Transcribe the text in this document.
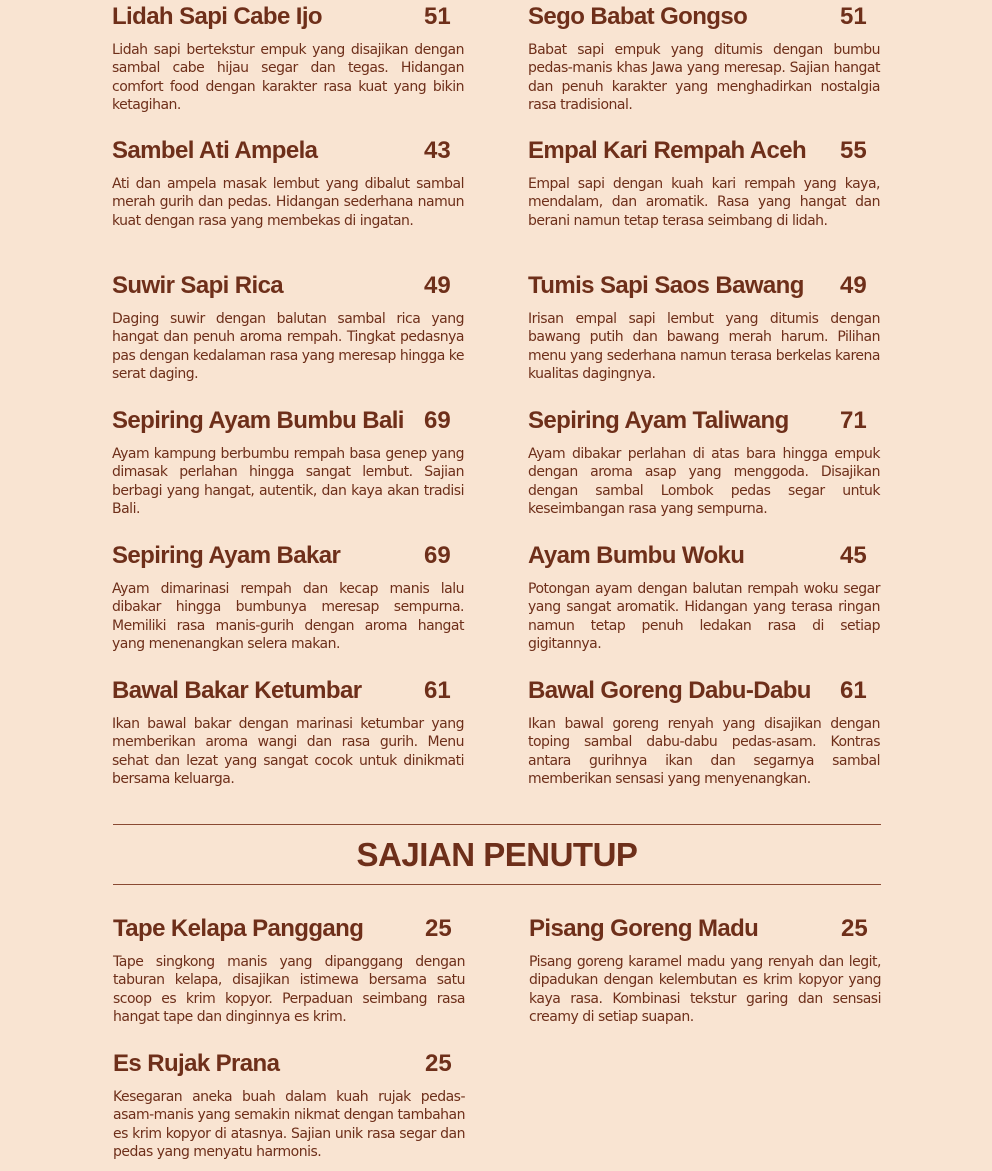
Lidah Sapi Cabe Ijo	51
Lidah sapi bertekstur empuk yang disajikan dengan sambal cabe hijau segar dan tegas. Hidangan comfort food dengan karakter rasa kuat yang bikin ketagihan.
Sego Babat Gongso	51
Babat sapi empuk yang ditumis dengan bumbu pedas-manis khas Jawa yang meresap. Sajian hangat dan penuh karakter yang menghadirkan nostalgia rasa tradisional.
Sambel Ati Ampela	43
Ati dan ampela masak lembut yang dibalut sambal merah gurih dan pedas. Hidangan sederhana namun kuat dengan rasa yang membekas di ingatan.
Empal Kari Rempah Aceh 55
Empal sapi dengan kuah kari rempah yang kaya, mendalam, dan aromatik. Rasa yang hangat dan berani namun tetap terasa seimbang di lidah.
Suwir Sapi Rica	49
Daging suwir dengan balutan sambal rica yang hangat dan penuh aroma rempah. Tingkat pedasnya pas dengan kedalaman rasa yang meresap hingga ke serat daging.
Tumis Sapi Saos Bawang 49
Irisan empal sapi lembut yang ditumis dengan bawang putih dan bawang merah harum. Pilihan menu yang sederhana namun terasa berkelas karena kualitas dagingnya.
Sepiring Ayam Bumbu Bali 69
Ayam kampung berbumbu rempah basa genep yang dimasak perlahan hingga sangat lembut. Sajian berbagi yang hangat, autentik, dan kaya akan tradisi Bali.
Sepiring Ayam Taliwang 71
Ayam dibakar perlahan di atas bara hingga empuk dengan aroma asap yang menggoda. Disajikan dengan sambal Lombok pedas segar untuk keseimbangan rasa yang sempurna.
Sepiring Ayam Bakar	69
Ayam dimarinasi rempah dan kecap manis lalu dibakar hingga bumbunya meresap sempurna. Memiliki rasa manis-gurih dengan aroma hangat yang menenangkan selera makan.
Ayam Bumbu Woku	45
Potongan ayam dengan balutan rempah woku segar yang sangat aromatik. Hidangan yang terasa ringan namun tetap penuh ledakan rasa di setiap gigitannya.
Bawal Bakar Ketumbar	61
Ikan bawal bakar dengan marinasi ketumbar yang memberikan aroma wangi dan rasa gurih. Menu sehat dan lezat yang sangat cocok untuk dinikmati bersama keluarga.
Bawal Goreng Dabu-Dabu 61
Ikan bawal goreng renyah yang disajikan dengan toping sambal dabu-dabu pedas-asam. Kontras antara gurihnya ikan dan segarnya sambal memberikan sensasi yang menyenangkan.
SAJIAN PENUTUP
Tape Kelapa Panggang	25
Tape singkong manis yang dipanggang dengan taburan kelapa, disajikan istimewa bersama satu scoop es krim kopyor. Perpaduan seimbang rasa hangat tape dan dinginnya es krim.
Pisang Goreng Madu	25
Pisang goreng karamel madu yang renyah dan legit, dipadukan dengan kelembutan es krim kopyor yang kaya rasa. Kombinasi tekstur garing dan sensasi creamy di setiap suapan.
Es Rujak Prana	25
Kesegaran aneka buah dalam kuah rujak pedas-asam-manis yang semakin nikmat dengan tambahan es krim kopyor di atasnya. Sajian unik rasa segar dan pedas yang menyatu harmonis.
